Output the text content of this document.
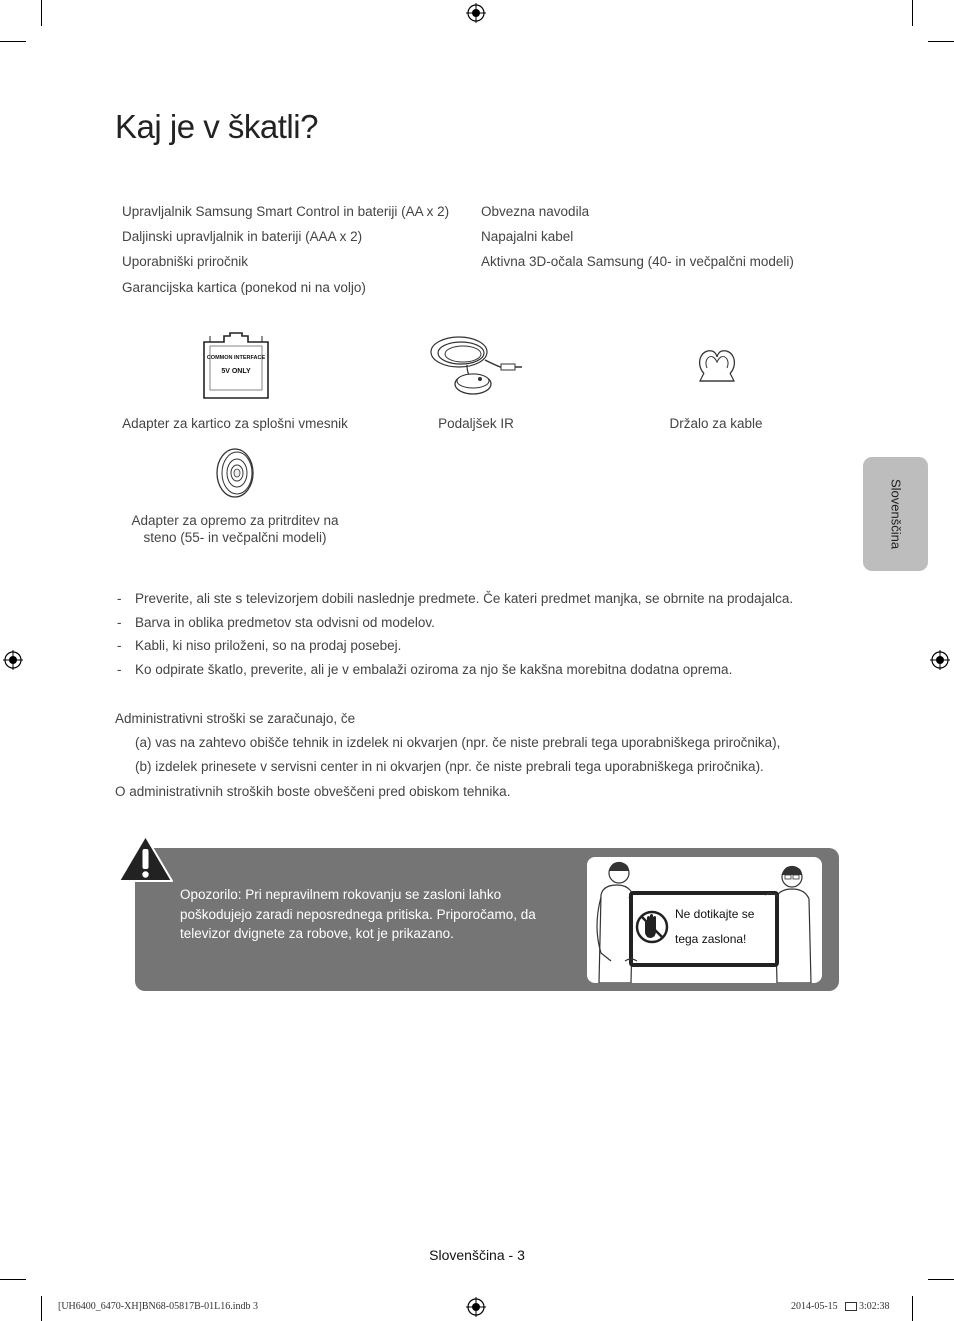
Kaj je v škatli?
Upravljalnik Samsung Smart Control in bateriji (AA x 2)
Daljinski upravljalnik in bateriji (AAA x 2)
Uporabniški priročnik
Garancijska kartica (ponekod ni na voljo)
Obvezna navodila
Napajalni kabel
Aktivna 3D-očala Samsung (40- in večpalčni modeli)
COMMON INTERFACE
5V ONLY
Adapter za kartico za splošni vmesnik	Podaljšek IR	Držalo za kable
Adapter za opremo za pritrditev na
steno (55- in večpalčni modeli)	Slovenščina
- Preverite, ali ste s televizorjem dobili naslednje predmete. Če kateri predmet manjka, se obrnite na prodajalca.
- Barva in oblika predmetov sta odvisni od modelov.
- Kabli, ki niso priloženi, so na prodaj posebej.
- Ko odpirate škatlo, preverite, ali je v embalaži oziroma za njo še kakšna morebitna dodatna oprema.
Administrativni stroški se zaračunajo, če
(a) vas na zahtevo obišče tehnik in izdelek ni okvarjen (npr. če niste prebrali tega uporabniškega priročnika),
(b) izdelek prinesete v servisni center in ni okvarjen (npr. če niste prebrali tega uporabniškega priročnika).
O administrativnih stroških boste obveščeni pred obiskom tehnika.
Opozorilo: Pri nepravilnem rokovanju se zasloni lahko poškodujejo zaradi neposrednega pritiska. Priporočamo, da televizor dvignete za robove, kot je prikazano.
Ne dotikajte se
tega zaslona!
Slovenščina - 3
[UH6400_6470-XH]BN68-05817B-01L16.indb 3	2014-05-15 3:02:38
